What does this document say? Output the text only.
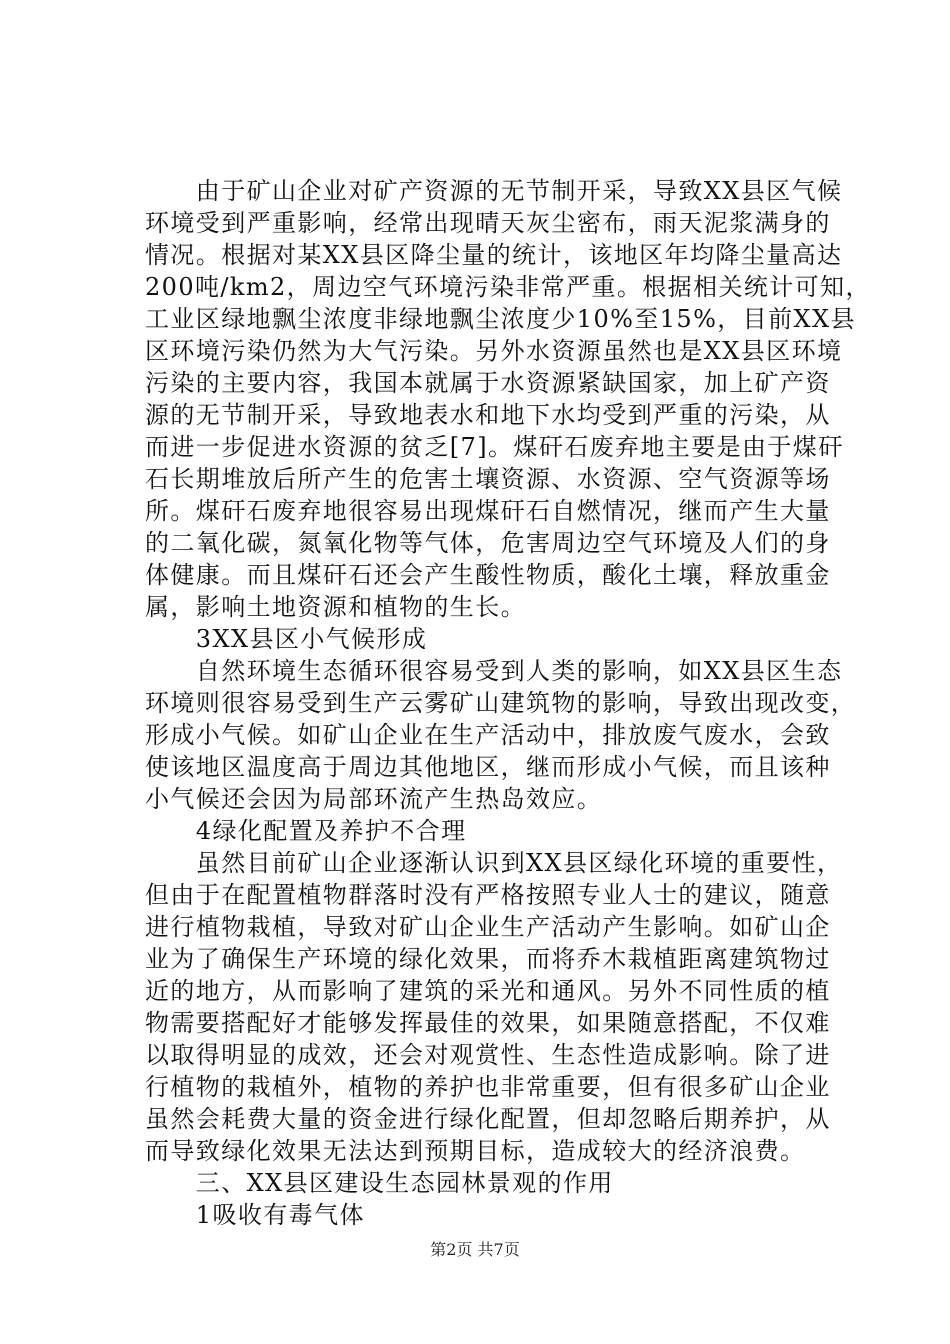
　　由于矿山企业对矿产资源的无节制开采，导致XX县区气候
环境受到严重影响，经常出现晴天灰尘密布，雨天泥浆满身的
情况。根据对某XX县区降尘量的统计，该地区年均降尘量高达
200吨/km2，周边空气环境污染非常严重。根据相关统计可知，
工业区绿地飘尘浓度非绿地飘尘浓度少10%至15%，目前XX县
区环境污染仍然为大气污染。另外水资源虽然也是XX县区环境
污染的主要内容，我国本就属于水资源紧缺国家，加上矿产资
源的无节制开采，导致地表水和地下水均受到严重的污染，从
而进一步促进水资源的贫乏[7]。煤矸石废弃地主要是由于煤矸
石长期堆放后所产生的危害土壤资源、水资源、空气资源等场
所。煤矸石废弃地很容易出现煤矸石自燃情况，继而产生大量
的二氧化碳，氮氧化物等气体，危害周边空气环境及人们的身
体健康。而且煤矸石还会产生酸性物质，酸化土壤，释放重金
属，影响土地资源和植物的生长。
　　3XX县区小气候形成
　　自然环境生态循环很容易受到人类的影响，如XX县区生态
环境则很容易受到生产云雾矿山建筑物的影响，导致出现改变，
形成小气候。如矿山企业在生产活动中，排放废气废水，会致
使该地区温度高于周边其他地区，继而形成小气候，而且该种
小气候还会因为局部环流产生热岛效应。
　　4绿化配置及养护不合理
　　虽然目前矿山企业逐渐认识到XX县区绿化环境的重要性，
但由于在配置植物群落时没有严格按照专业人士的建议，随意
进行植物栽植，导致对矿山企业生产活动产生影响。如矿山企
业为了确保生产环境的绿化效果，而将乔木栽植距离建筑物过
近的地方，从而影响了建筑的采光和通风。另外不同性质的植
物需要搭配好才能够发挥最佳的效果，如果随意搭配，不仅难
以取得明显的成效，还会对观赏性、生态性造成影响。除了进
行植物的栽植外，植物的养护也非常重要，但有很多矿山企业
虽然会耗费大量的资金进行绿化配置，但却忽略后期养护，从
而导致绿化效果无法达到预期目标，造成较大的经济浪费。
　　三、XX县区建设生态园林景观的作用
　　1吸收有毒气体
第2页 共7页
